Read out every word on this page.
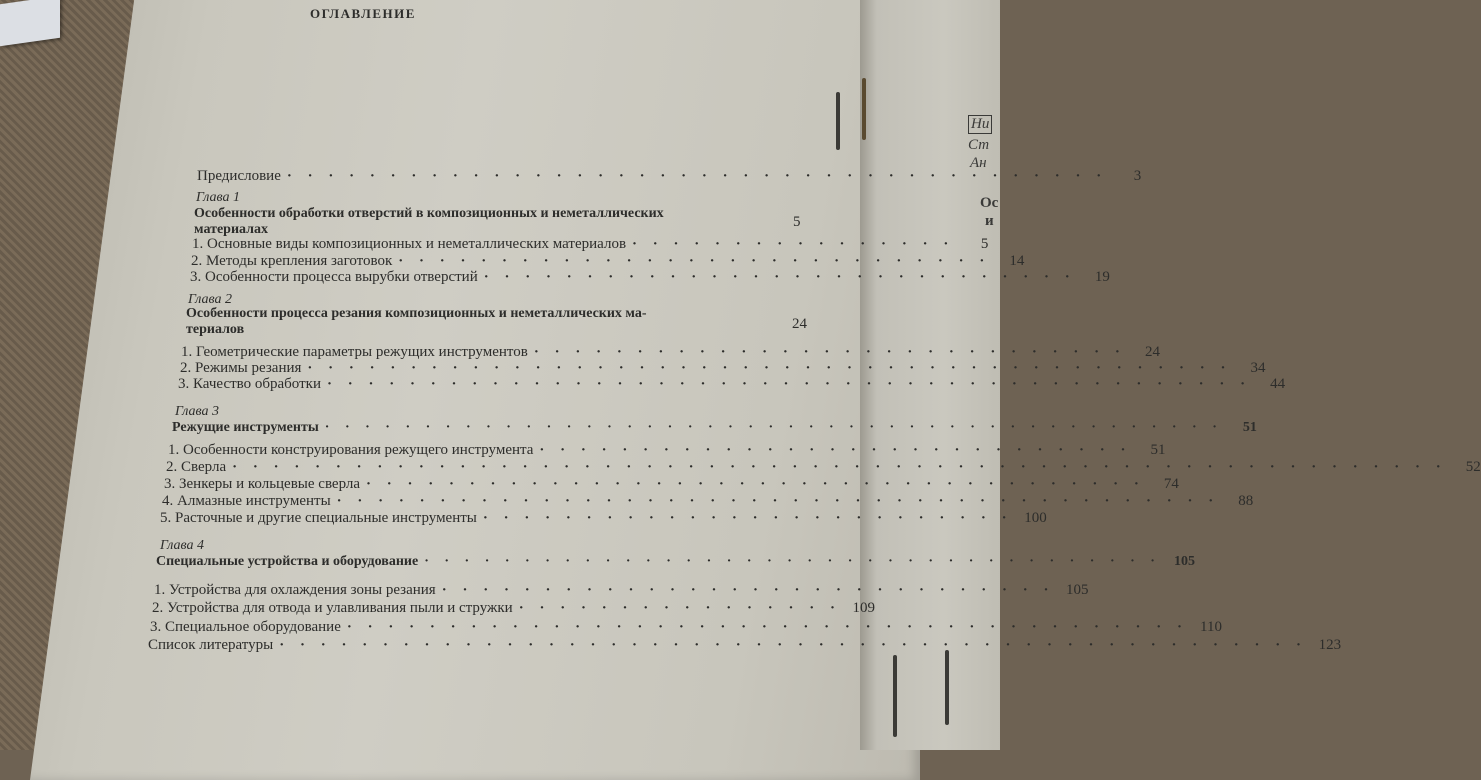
Ни
Ст
Ан
Ос
и
ОГЛАВЛЕНИЕ
Предисловие · · · · · · · · · · · · · · · · · · · · · · · · · · · · · · · · · · · · · · · ·	3
Глава 1
Особенности обработки отверстий в композиционных и неметаллических
материалах	5
1. Основные виды композиционных и неметаллических материалов · · · · · · · · · · · · · · · ·	5
2. Методы крепления заготовок · · · · · · · · · · · · · · · · · · · · · · · · · · · · ·	14
3. Особенности процесса вырубки отверстий · · · · · · · · · · · · · · · · · · · · · · · · · · · · ·	19
Глава 2
Особенности процесса резания композиционных и неметаллических ма-
териалов	24
1. Геометрические параметры режущих инструментов · · · · · · · · · · · · · · · · · · · · · · · · · · · · ·	24
2. Режимы резания · · · · · · · · · · · · · · · · · · · · · · · · · · · · · · · · · · · · · · · · · · · · ·	34
3. Качество обработки · · · · · · · · · · · · · · · · · · · · · · · · · · · · · · · · · · · · · · · · · · · · ·	44
Глава 3
Режущие инструменты · · · · · · · · · · · · · · · · · · · · · · · · · · · · · · · · · · · · · · · · · · · · ·	51
1. Особенности конструирования режущего инструмента · · · · · · · · · · · · · · · · · · · · · · · · · · · · ·	51
2. Сверла · · · · · · · · · · · · · · · · · · · · · · · · · · · · · · · · · · · · · · · · · · · · · · · · · · · · · · · · · · ·	52
3. Зенкеры и кольцевые сверла · · · · · · · · · · · · · · · · · · · · · · · · · · · · · · · · · · · · · ·	74
4. Алмазные инструменты · · · · · · · · · · · · · · · · · · · · · · · · · · · · · · · · · · · · · · · · · · ·	88
5. Расточные и другие специальные инструменты · · · · · · · · · · · · · · · · · · · · · · · · · · 100
Глава 4
Специальные устройства и оборудование · · · · · · · · · · · · · · · · · · · · · · · · · · · · · · · · · · · · · 105
1. Устройства для охлаждения зоны резания · · · · · · · · · · · · · · · · · · · · · · · · · · · · · · 105
2. Устройства для отвода и улавливания пыли и стружки · · · · · · · · · · · · · · · · 109
3. Специальное оборудование · · · · · · · · · · · · · · · · · · · · · · · · · · · · · · · · · · · · · · · · · 110
Список литературы · · · · · · · · · · · · · · · · · · · · · · · · · · · · · · · · · · · · · · · · · · · · · · · · · · 123
